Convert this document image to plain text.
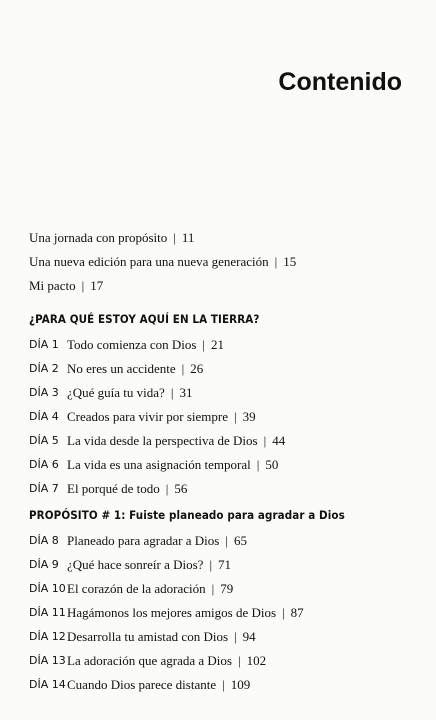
Contenido
Una jornada con propósito | 11
Una nueva edición para una nueva generación | 15
Mi pacto | 17
¿PARA QUÉ ESTOY AQUÍ EN LA TIERRA?
DÍA 1 Todo comienza con Dios | 21
DÍA 2 No eres un accidente | 26
DÍA 3 ¿Qué guía tu vida? | 31
DÍA 4 Creados para vivir por siempre | 39
DÍA 5 La vida desde la perspectiva de Dios | 44
DÍA 6 La vida es una asignación temporal | 50
DÍA 7 El porqué de todo | 56
PROPÓSITO # 1: Fuiste planeado para agradar a Dios
DÍA 8 Planeado para agradar a Dios | 65
DÍA 9 ¿Qué hace sonreír a Dios? | 71
DÍA 10 El corazón de la adoración | 79
DÍA 11 Hagámonos los mejores amigos de Dios | 87
DÍA 12 Desarrolla tu amistad con Dios | 94
DÍA 13 La adoración que agrada a Dios | 102
DÍA 14 Cuando Dios parece distante | 109
